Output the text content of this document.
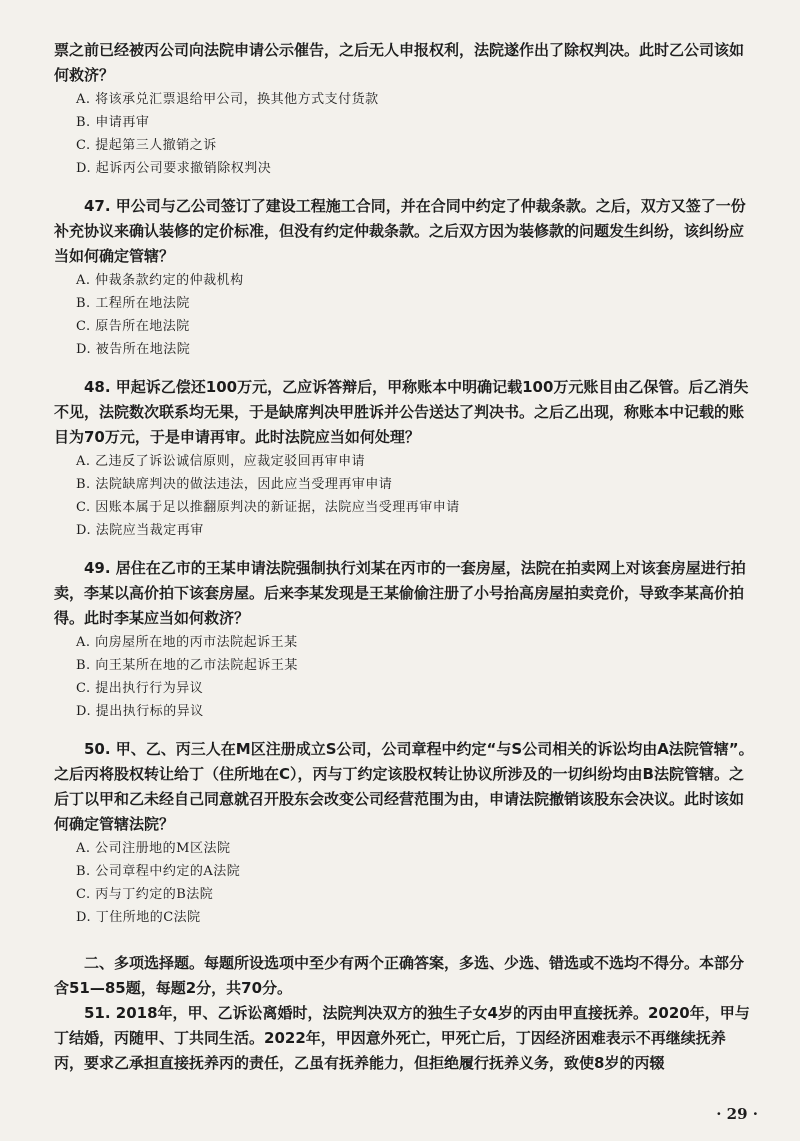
票之前已经被丙公司向法院申请公示催告，之后无人申报权利，法院遂作出了除权判决。此时乙公司该如何救济？

A. 将该承兑汇票退给甲公司，换其他方式支付货款

B. 申请再审

C. 提起第三人撤销之诉

D. 起诉丙公司要求撤销除权判决

47. 甲公司与乙公司签订了建设工程施工合同，并在合同中约定了仲裁条款。之后，双方又签了一份补充协议来确认装修的定价标准，但没有约定仲裁条款。之后双方因为装修款的问题发生纠纷，该纠纷应当如何确定管辖？

A. 仲裁条款约定的仲裁机构

B. 工程所在地法院

C. 原告所在地法院

D. 被告所在地法院

48. 甲起诉乙偿还100万元，乙应诉答辩后，甲称账本中明确记载100万元账目由乙保管。后乙消失不见，法院数次联系均无果，于是缺席判决甲胜诉并公告送达了判决书。之后乙出现，称账本中记载的账目为70万元，于是申请再审。此时法院应当如何处理？

A. 乙违反了诉讼诚信原则，应裁定驳回再审申请

B. 法院缺席判决的做法违法，因此应当受理再审申请

C. 因账本属于足以推翻原判决的新证据，法院应当受理再审申请

D. 法院应当裁定再审

49. 居住在乙市的王某申请法院强制执行刘某在丙市的一套房屋，法院在拍卖网上对该套房屋进行拍卖，李某以高价拍下该套房屋。后来李某发现是王某偷偷注册了小号抬高房屋拍卖竞价，导致李某高价拍得。此时李某应当如何救济？

A. 向房屋所在地的丙市法院起诉王某

B. 向王某所在地的乙市法院起诉王某

C. 提出执行行为异议

D. 提出执行标的异议

50. 甲、乙、丙三人在M区注册成立S公司，公司章程中约定“与S公司相关的诉讼均由A法院管辖”。之后丙将股权转让给丁（住所地在C），丙与丁约定该股权转让协议所涉及的一切纠纷均由B法院管辖。之后丁以甲和乙未经自己同意就召开股东会改变公司经营范围为由，申请法院撤销该股东会决议。此时该如何确定管辖法院？

A. 公司注册地的M区法院

B. 公司章程中约定的A法院

C. 丙与丁约定的B法院

D. 丁住所地的C法院

二、多项选择题。每题所设选项中至少有两个正确答案，多选、少选、错选或不选均不得分。本部分含51—85题，每题2分，共70分。

51. 2018年，甲、乙诉讼离婚时，法院判决双方的独生子女4岁的丙由甲直接抚养。2020年，甲与丁结婚，丙随甲、丁共同生活。2022年，甲因意外死亡，甲死亡后，丁因经济困难表示不再继续抚养丙，要求乙承担直接抚养丙的责任，乙虽有抚养能力，但拒绝履行抚养义务，致使8岁的丙辍

· 29 ·
